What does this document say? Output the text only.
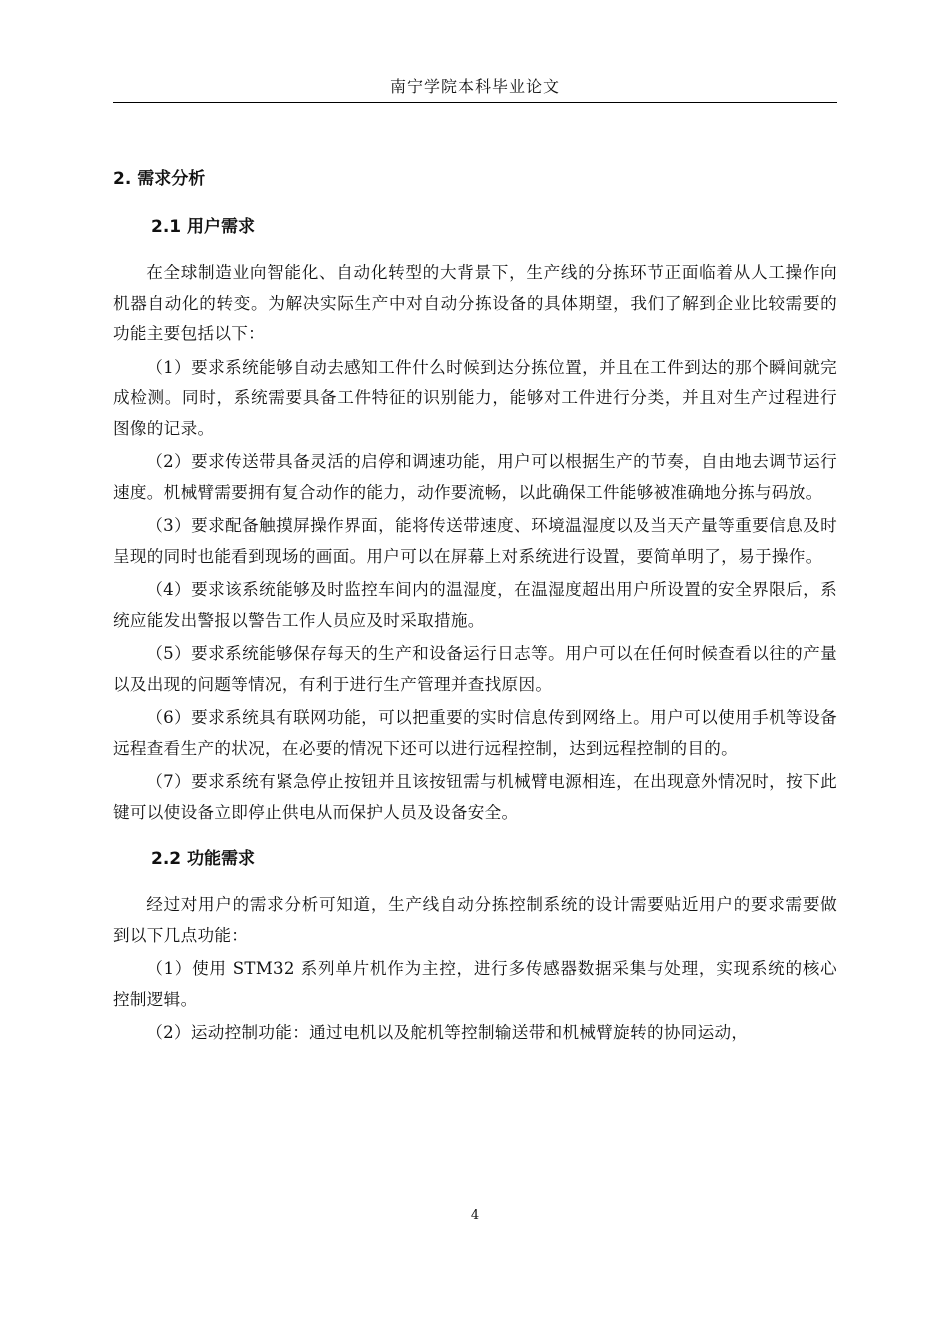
南宁学院本科毕业论文
2. 需求分析
2.1 用户需求

在全球制造业向智能化、自动化转型的大背景下，生产线的分拣环节正面临着从人工操作向机器自动化的转变。为解决实际生产中对自动分拣设备的具体期望，我们了解到企业比较需要的功能主要包括以下：

（1）要求系统能够自动去感知工件什么时候到达分拣位置，并且在工件到达的那个瞬间就完成检测。同时，系统需要具备工件特征的识别能力，能够对工件进行分类，并且对生产过程进行图像的记录。

（2）要求传送带具备灵活的启停和调速功能，用户可以根据生产的节奏，自由地去调节运行速度。机械臂需要拥有复合动作的能力，动作要流畅，以此确保工件能够被准确地分拣与码放。

（3）要求配备触摸屏操作界面，能将传送带速度、环境温湿度以及当天产量等重要信息及时呈现的同时也能看到现场的画面。用户可以在屏幕上对系统进行设置，要简单明了，易于操作。

（4）要求该系统能够及时监控车间内的温湿度，在温湿度超出用户所设置的安全界限后，系统应能发出警报以警告工作人员应及时采取措施。

（5）要求系统能够保存每天的生产和设备运行日志等。用户可以在任何时候查看以往的产量以及出现的问题等情况，有利于进行生产管理并查找原因。

（6）要求系统具有联网功能，可以把重要的实时信息传到网络上。用户可以使用手机等设备远程查看生产的状况，在必要的情况下还可以进行远程控制，达到远程控制的目的。

（7）要求系统有紧急停止按钮并且该按钮需与机械臂电源相连，在出现意外情况时，按下此键可以使设备立即停止供电从而保护人员及设备安全。

2.2 功能需求

经过对用户的需求分析可知道，生产线自动分拣控制系统的设计需要贴近用户的要求需要做到以下几点功能：

（1）使用 STM32 系列单片机作为主控，进行多传感器数据采集与处理，实现系统的核心控制逻辑。

（2）运动控制功能：通过电机以及舵机等控制输送带和机械臂旋转的协同运动，

4
